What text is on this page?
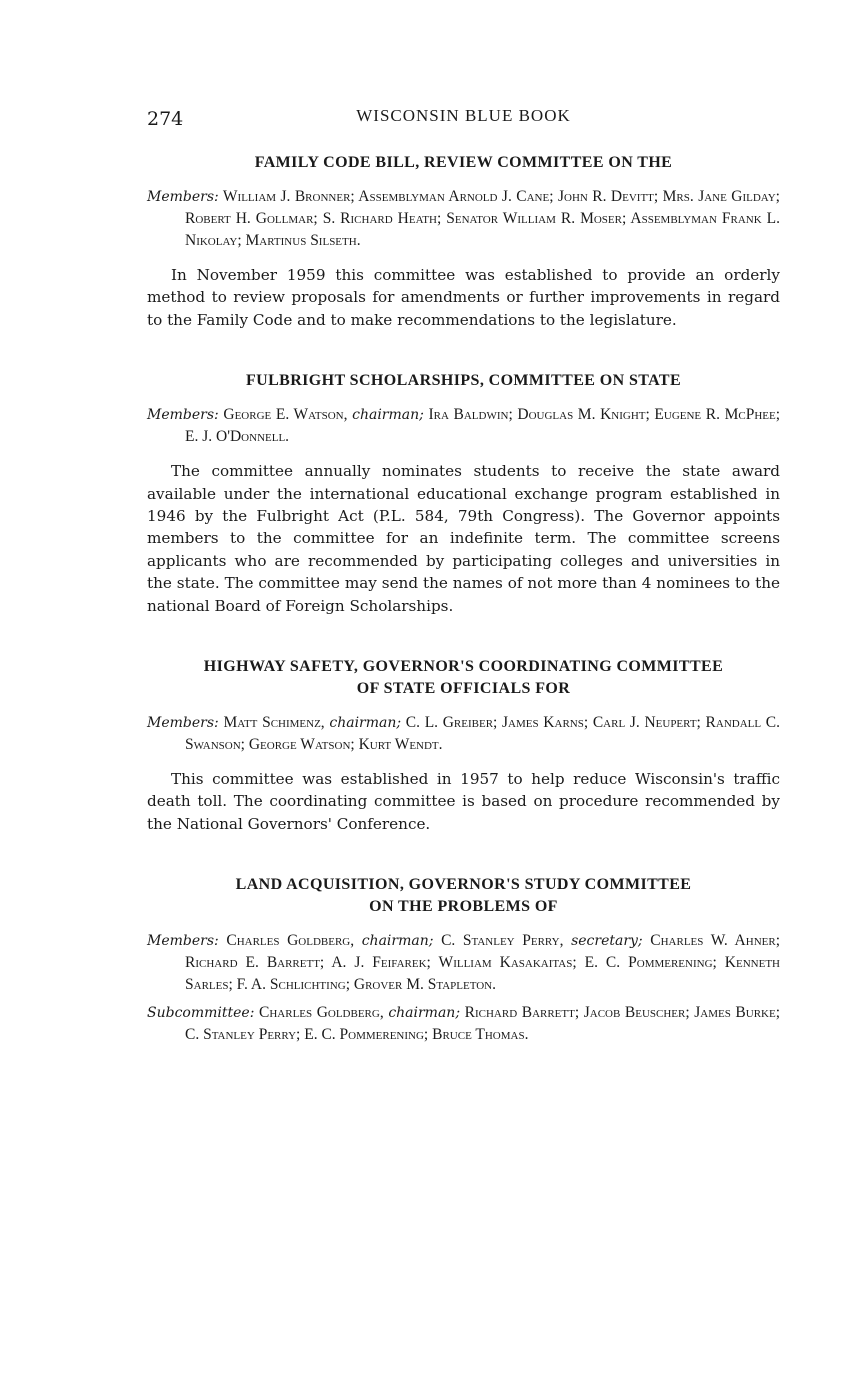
274	WISCONSIN BLUE BOOK
FAMILY CODE BILL, REVIEW COMMITTEE ON THE

Members: William J. Bronner; Assemblyman Arnold J. Cane; John R. Devitt; Mrs. Jane Gilday; Robert H. Gollmar; S. Richard Heath; Senator William R. Moser; Assemblyman Frank L. Nikolay; Martinus Silseth.

In November 1959 this committee was established to provide an orderly method to review proposals for amendments or further improvements in regard to the Family Code and to make recommendations to the legislature.

FULBRIGHT SCHOLARSHIPS, COMMITTEE ON STATE

Members: George E. Watson, chairman; Ira Baldwin; Douglas M. Knight; Eugene R. McPhee; E. J. O'Donnell.

The committee annually nominates students to receive the state award available under the international educational exchange program established in 1946 by the Fulbright Act (P.L. 584, 79th Congress). The Governor appoints members to the committee for an indefinite term. The committee screens applicants who are recommended by participating colleges and universities in the state. The committee may send the names of not more than 4 nominees to the national Board of Foreign Scholarships.

HIGHWAY SAFETY, GOVERNOR'S COORDINATING COMMITTEE
OF STATE OFFICIALS FOR

Members: Matt Schimenz, chairman; C. L. Greiber; James Karns; Carl J. Neupert; Randall C. Swanson; George Watson; Kurt Wendt.

This committee was established in 1957 to help reduce Wisconsin's traffic death toll. The coordinating committee is based on procedure recommended by the National Governors' Conference.

LAND ACQUISITION, GOVERNOR'S STUDY COMMITTEE
ON THE PROBLEMS OF

Members: Charles Goldberg, chairman; C. Stanley Perry, secretary; Charles W. Ahner; Richard E. Barrett; A. J. Feifarek; William Kasakaitas; E. C. Pommerening; Kenneth Sarles; F. A. Schlichting; Grover M. Stapleton.

Subcommittee: Charles Goldberg, chairman; Richard Barrett; Jacob Beuscher; James Burke; C. Stanley Perry; E. C. Pommerening; Bruce Thomas.
